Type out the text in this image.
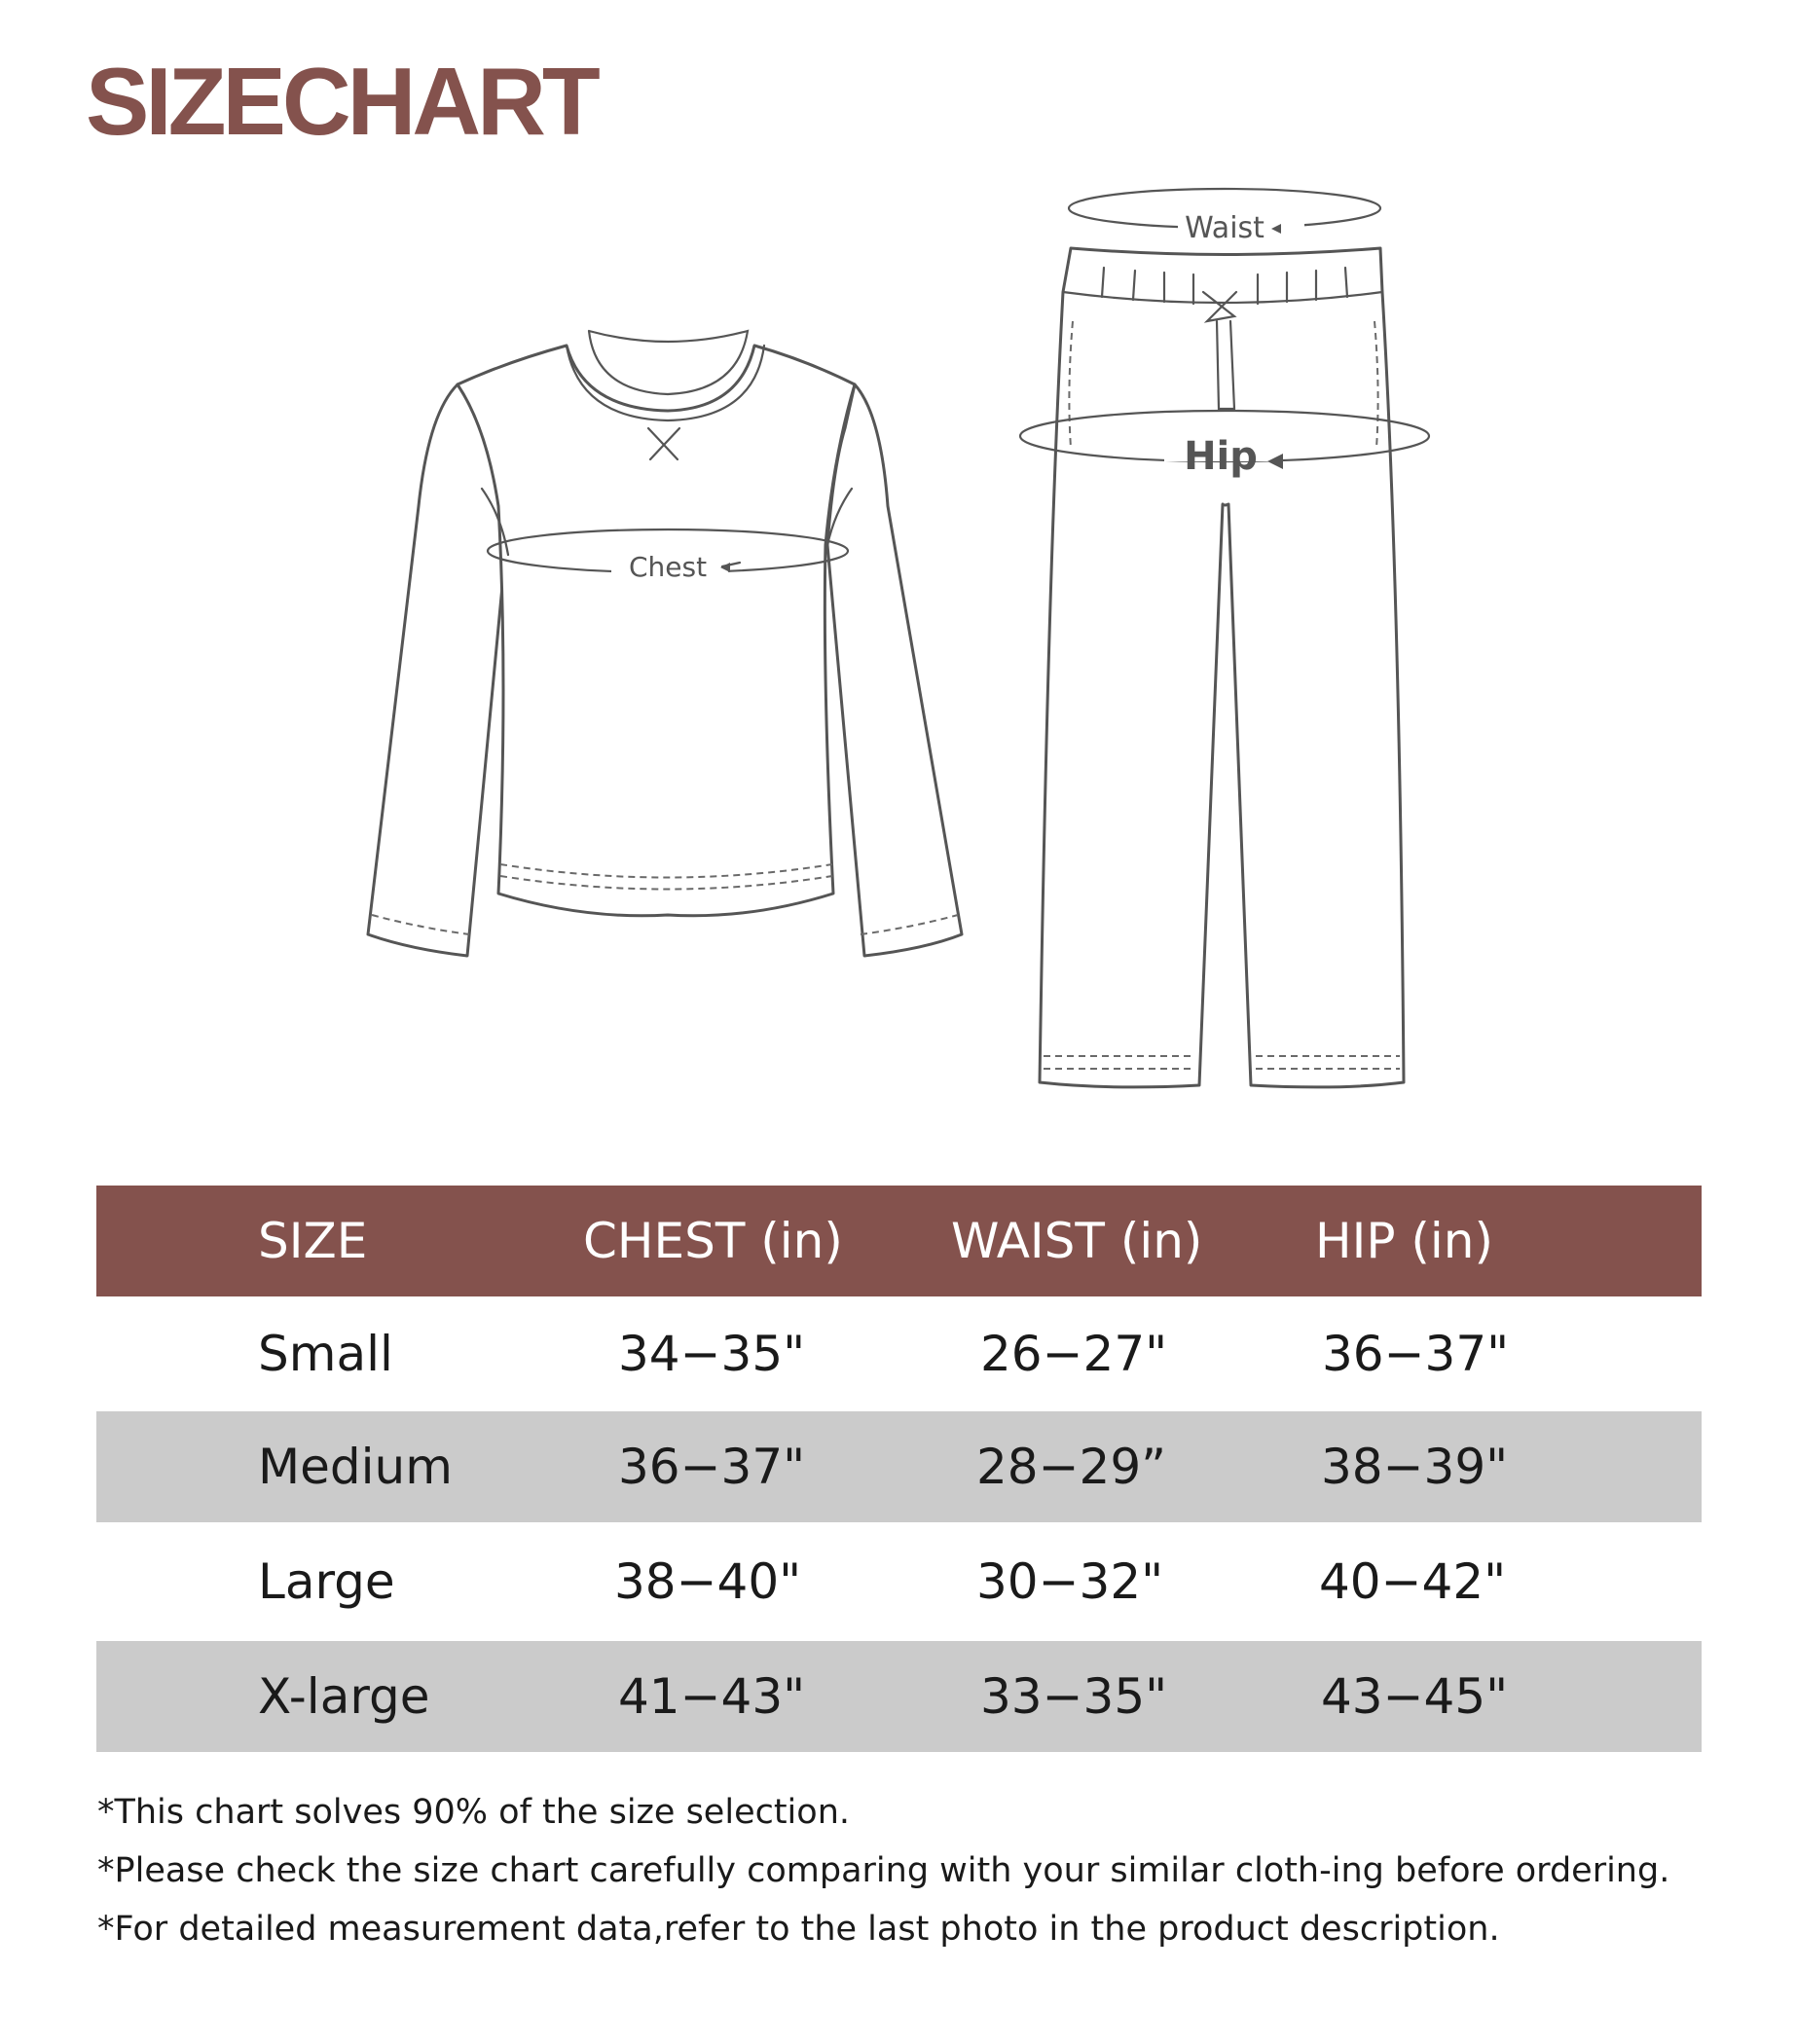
SIZECHART
Chest
Waist
Hip
SIZE	CHEST (in)	WAIST (in)	HIP (in)

Small	34−35"	26−27"	36−37"

Medium	36−37"	28−29”	38−39"

Large	38−40"	30−32"	40−42"

X-large	41−43"	33−35"	43−45"
*This chart solves 90% of the size selection.
*Please check the size chart carefully comparing with your similar cloth-ing before ordering.
*For detailed measurement data,refer to the last photo in the product description.
